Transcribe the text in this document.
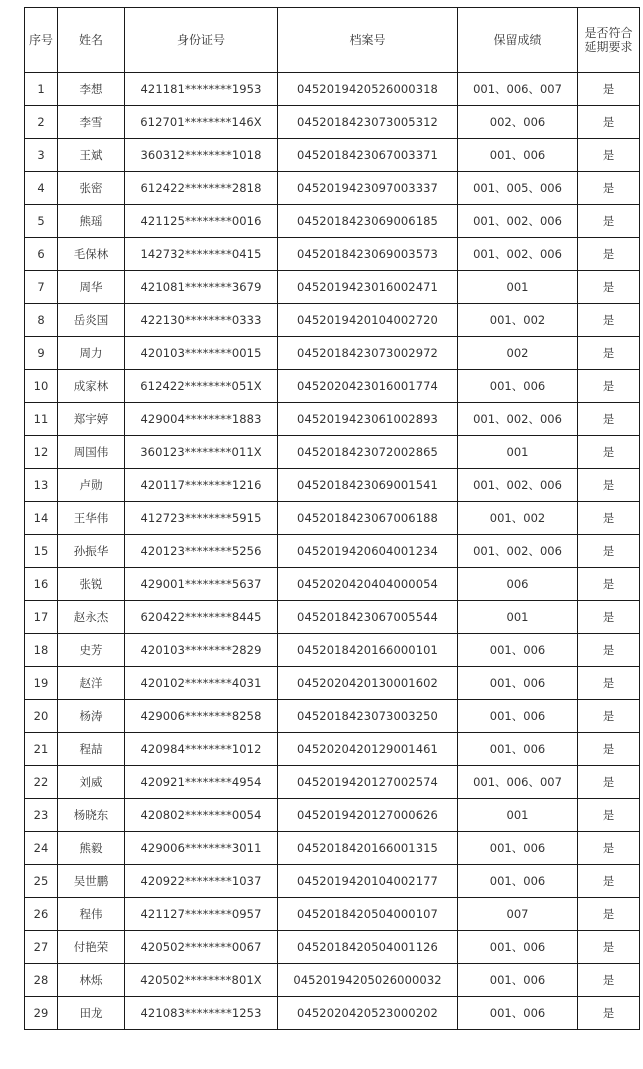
序号	姓名	身份证号	档案号	保留成绩	是否符合延期要求
1	李想	421181********1953	0452019420526000318	001、006、007	是
2	李雪	612701********146X	0452018423073005312	002、006	是
3	王斌	360312********1018	0452018423067003371	001、006	是
4	张密	612422********2818	0452019423097003337	001、005、006	是
5	熊瑶	421125********0016	0452018423069006185	001、002、006	是
6	毛保林	142732********0415	0452018423069003573	001、002、006	是
7	周华	421081********3679	0452019423016002471	001	是
8	岳炎国	422130********0333	0452019420104002720	001、002	是
9	周力	420103********0015	0452018423073002972	002	是
10	成家林	612422********051X	0452020423016001774	001、006	是
11	郑宇婷	429004********1883	0452019423061002893	001、002、006	是
12	周国伟	360123********011X	0452018423072002865	001	是
13	卢勋	420117********1216	0452018423069001541	001、002、006	是
14	王华伟	412723********5915	0452018423067006188	001、002	是
15	孙振华	420123********5256	0452019420604001234	001、002、006	是
16	张锐	429001********5637	0452020420404000054	006	是
17	赵永杰	620422********8445	0452018423067005544	001	是
18	史芳	420103********2829	0452018420166000101	001、006	是
19	赵洋	420102********4031	0452020420130001602	001、006	是
20	杨涛	429006********8258	0452018423073003250	001、006	是
21	程喆	420984********1012	0452020420129001461	001、006	是
22	刘威	420921********4954	0452019420127002574	001、006、007	是
23	杨晓东	420802********0054	0452019420127000626	001	是
24	熊毅	429006********3011	0452018420166001315	001、006	是
25	吴世鹏	420922********1037	0452019420104002177	001、006	是
26	程伟	421127********0957	0452018420504000107	007	是
27	付艳荣	420502********0067	0452018420504001126	001、006	是
28	林烁	420502********801X	04520194205026000032	001、006	是
29	田龙	421083********1253	0452020420523000202	001、006	是
